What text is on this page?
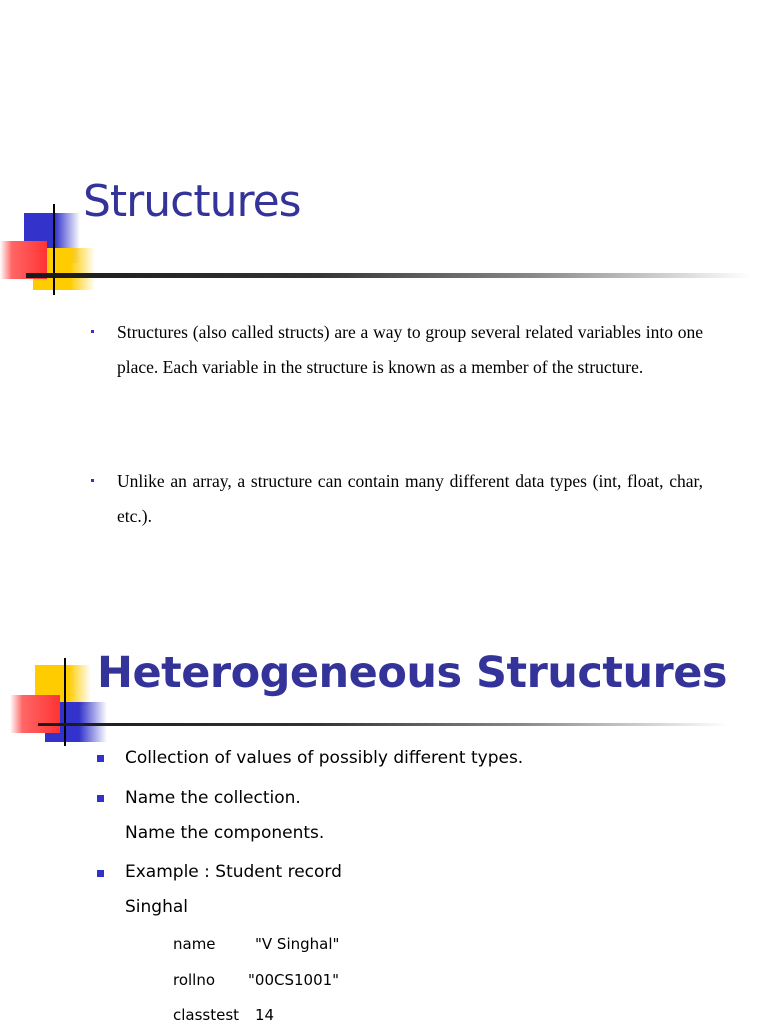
Structures
Structures (also called structs) are a way to group several related variables into one place. Each variable in the structure is known as a member of the structure.
Unlike an array, a structure can contain many different data types (int, float, char, etc.).
Heterogeneous Structures
Collection of values of possibly different types.
Name the collection.
Name the components.
Example : Student record
Singhal
name	"V Singhal"
rollno "00CS1001"
classtest 14
